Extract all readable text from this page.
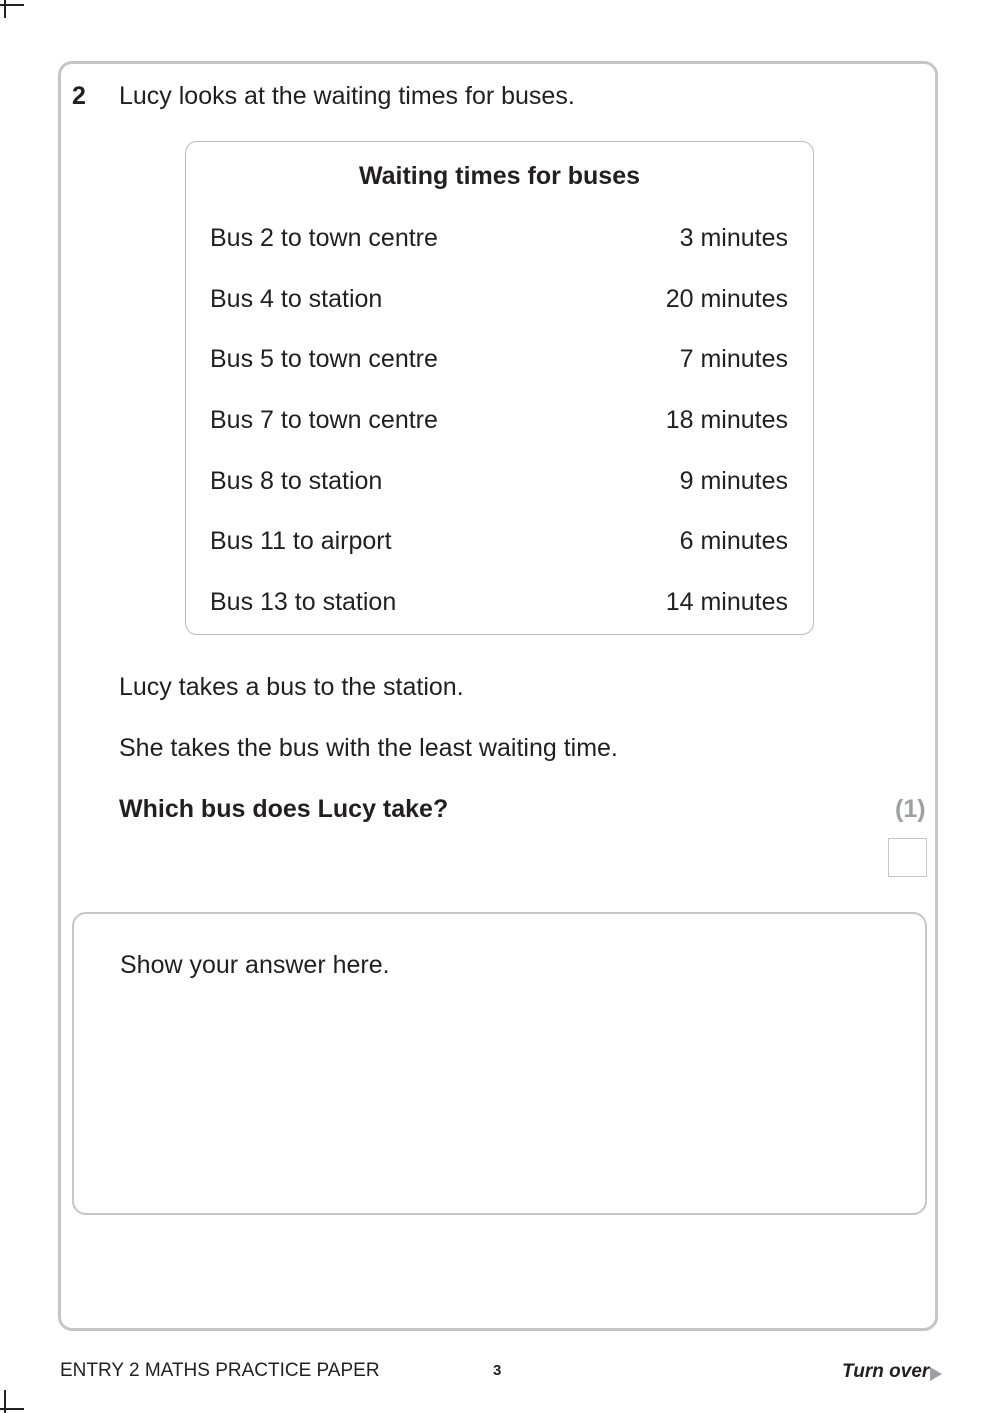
2 Lucy looks at the waiting times for buses.
Waiting times for buses
Bus 2 to town centre	3 minutes
Bus 4 to station	20 minutes
Bus 5 to town centre	7 minutes
Bus 7 to town centre	18 minutes
Bus 8 to station	9 minutes
Bus 11 to airport	6 minutes
Bus 13 to station	14 minutes
Lucy takes a bus to the station.
She takes the bus with the least waiting time.
Which bus does Lucy take?	(1)
Show your answer here.
ENTRY 2 MATHS PRACTICE PAPER	3	Turn over
